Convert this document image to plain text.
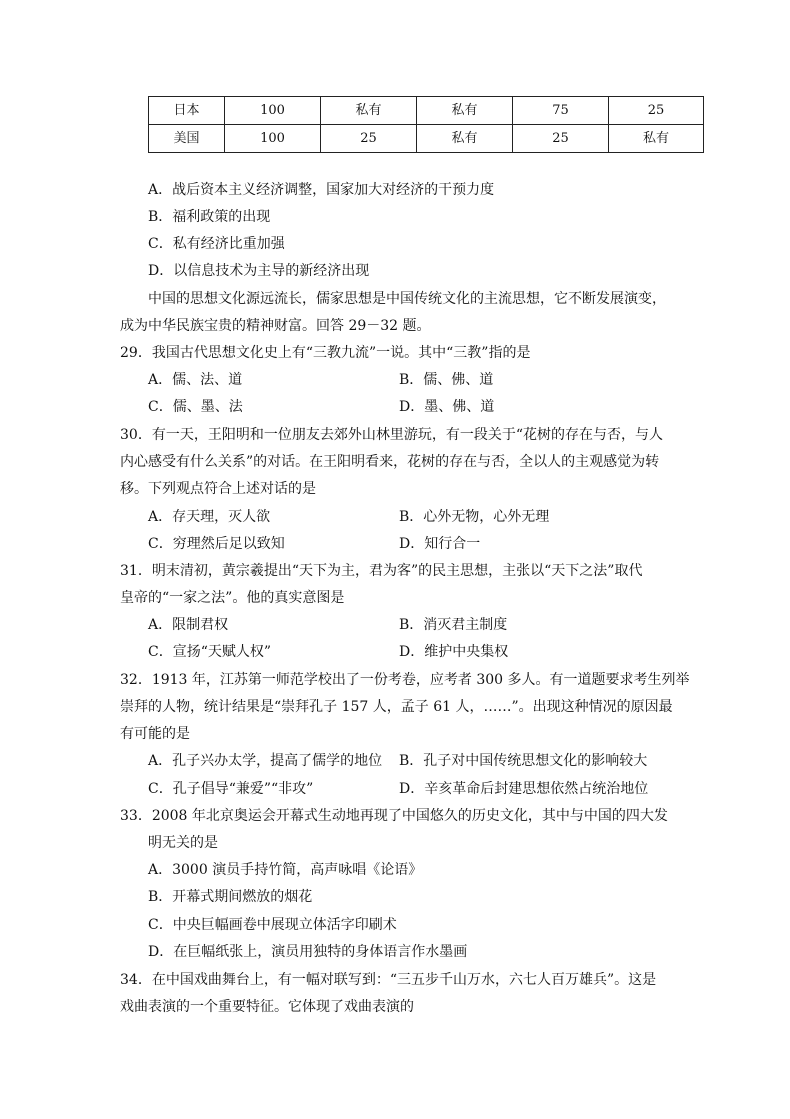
日本	100	私有	私有	75	25
美国	100	25	私有	25	私有
A．战后资本主义经济调整，国家加大对经济的干预力度
B．福利政策的出现
C．私有经济比重加强
D．以信息技术为主导的新经济出现
中国的思想文化源远流长，儒家思想是中国传统文化的主流思想，它不断发展演变，
成为中华民族宝贵的精神财富。回答 29－32 题。
29．我国古代思想文化史上有“三教九流”一说。其中“三教”指的是
A．儒、法、道	B．儒、佛、道
C．儒、墨、法	D．墨、佛、道
30．有一天，王阳明和一位朋友去郊外山林里游玩，有一段关于“花树的存在与否，与人
内心感受有什么关系”的对话。在王阳明看来，花树的存在与否，全以人的主观感觉为转
移。下列观点符合上述对话的是
A．存天理，灭人欲	B．心外无物，心外无理
C．穷理然后足以致知	D．知行合一
31．明末清初，黄宗羲提出“天下为主，君为客”的民主思想，主张以“天下之法”取代
皇帝的“一家之法”。他的真实意图是
A．限制君权	B．消灭君主制度
C．宣扬“天赋人权”	D．维护中央集权
32．1913 年，江苏第一师范学校出了一份考卷，应考者 300 多人。有一道题要求考生列举
崇拜的人物，统计结果是“崇拜孔子 157 人，孟子 61 人，……”。出现这种情况的原因最
有可能的是
A．孔子兴办太学，提高了儒学的地位 B．孔子对中国传统思想文化的影响较大
C．孔子倡导“兼爱”“非攻”	D．辛亥革命后封建思想依然占统治地位
33．2008 年北京奥运会开幕式生动地再现了中国悠久的历史文化，其中与中国的四大发
明无关的是
A．3000 演员手持竹简，高声咏唱《论语》
B．开幕式期间燃放的烟花
C．中央巨幅画卷中展现立体活字印刷术
D．在巨幅纸张上，演员用独特的身体语言作水墨画
34．在中国戏曲舞台上，有一幅对联写到：“三五步千山万水，六七人百万雄兵”。这是
戏曲表演的一个重要特征。它体现了戏曲表演的
